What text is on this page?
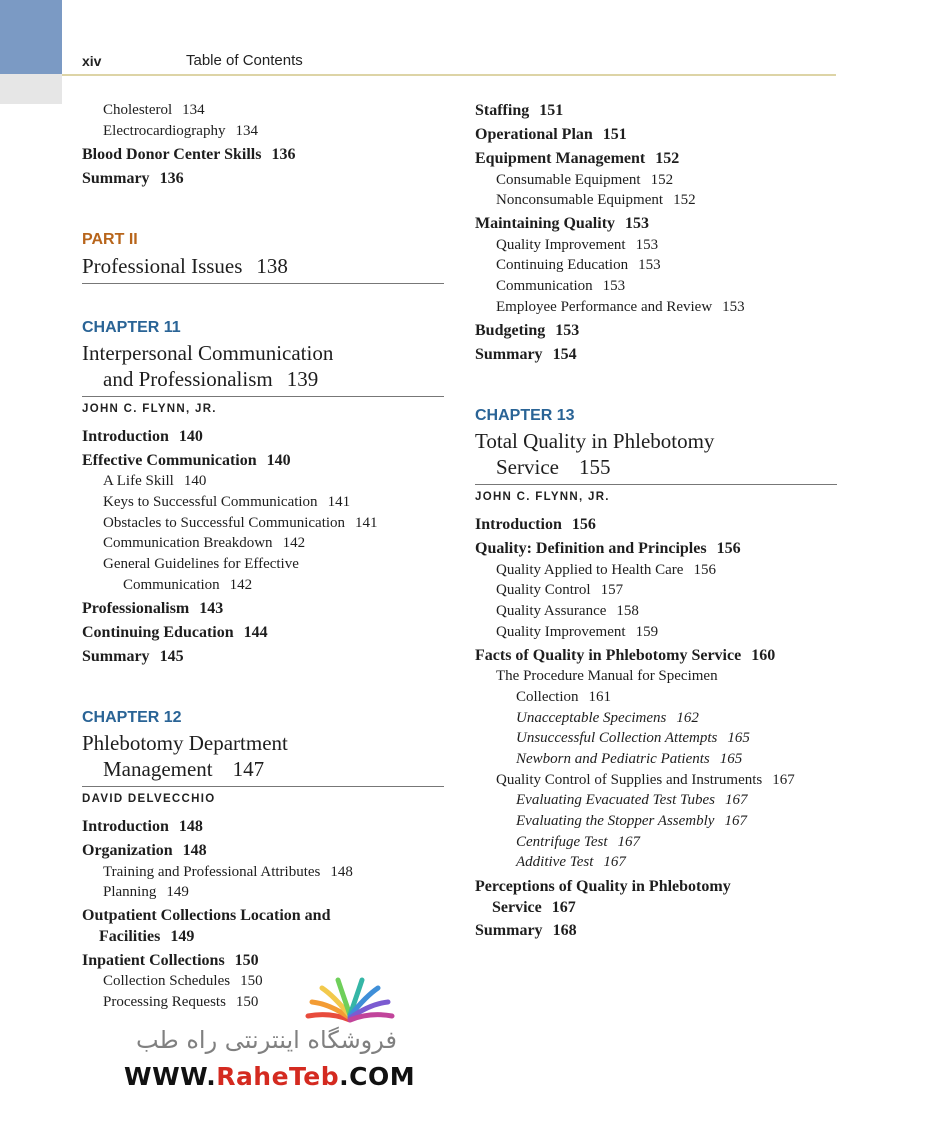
xiv	Table of Contents
Cholesterol 134
Electrocardiography 134
Blood Donor Center Skills 136
Summary 136
PART II
Professional Issues 138
CHAPTER 11
Interpersonal Communication
and Professionalism 139
JOHN C. FLYNN, JR.
Introduction 140
Effective Communication 140
A Life Skill 140
Keys to Successful Communication 141
Obstacles to Successful Communication 141
Communication Breakdown 142
General Guidelines for Effective
Communication 142
Professionalism 143
Continuing Education 144
Summary 145
CHAPTER 12
Phlebotomy Department
Management 147
DAVID DELVECCHIO
Introduction 148
Organization 148
Training and Professional Attributes 148
Planning 149
Outpatient Collections Location and
Facilities 149
Inpatient Collections 150
Collection Schedules 150
Processing Requests 150
Staffing 151
Operational Plan 151
Equipment Management 152
Consumable Equipment 152
Nonconsumable Equipment 152
Maintaining Quality 153
Quality Improvement 153
Continuing Education 153
Communication 153
Employee Performance and Review 153
Budgeting 153
Summary 154
CHAPTER 13
Total Quality in Phlebotomy
Service 155
JOHN C. FLYNN, JR.
Introduction 156
Quality: Definition and Principles 156
Quality Applied to Health Care 156
Quality Control 157
Quality Assurance 158
Quality Improvement 159
Facts of Quality in Phlebotomy Service 160
The Procedure Manual for Specimen
Collection 161
Unacceptable Specimens 162
Unsuccessful Collection Attempts 165
Newborn and Pediatric Patients 165
Quality Control of Supplies and Instruments 167
Evaluating Evacuated Test Tubes 167
Evaluating the Stopper Assembly 167
Centrifuge Test 167
Additive Test 167
Perceptions of Quality in Phlebotomy
Service 167
Summary 168
فروشگاه اینترنتی راه طب
WWW.RaheTeb.COM
